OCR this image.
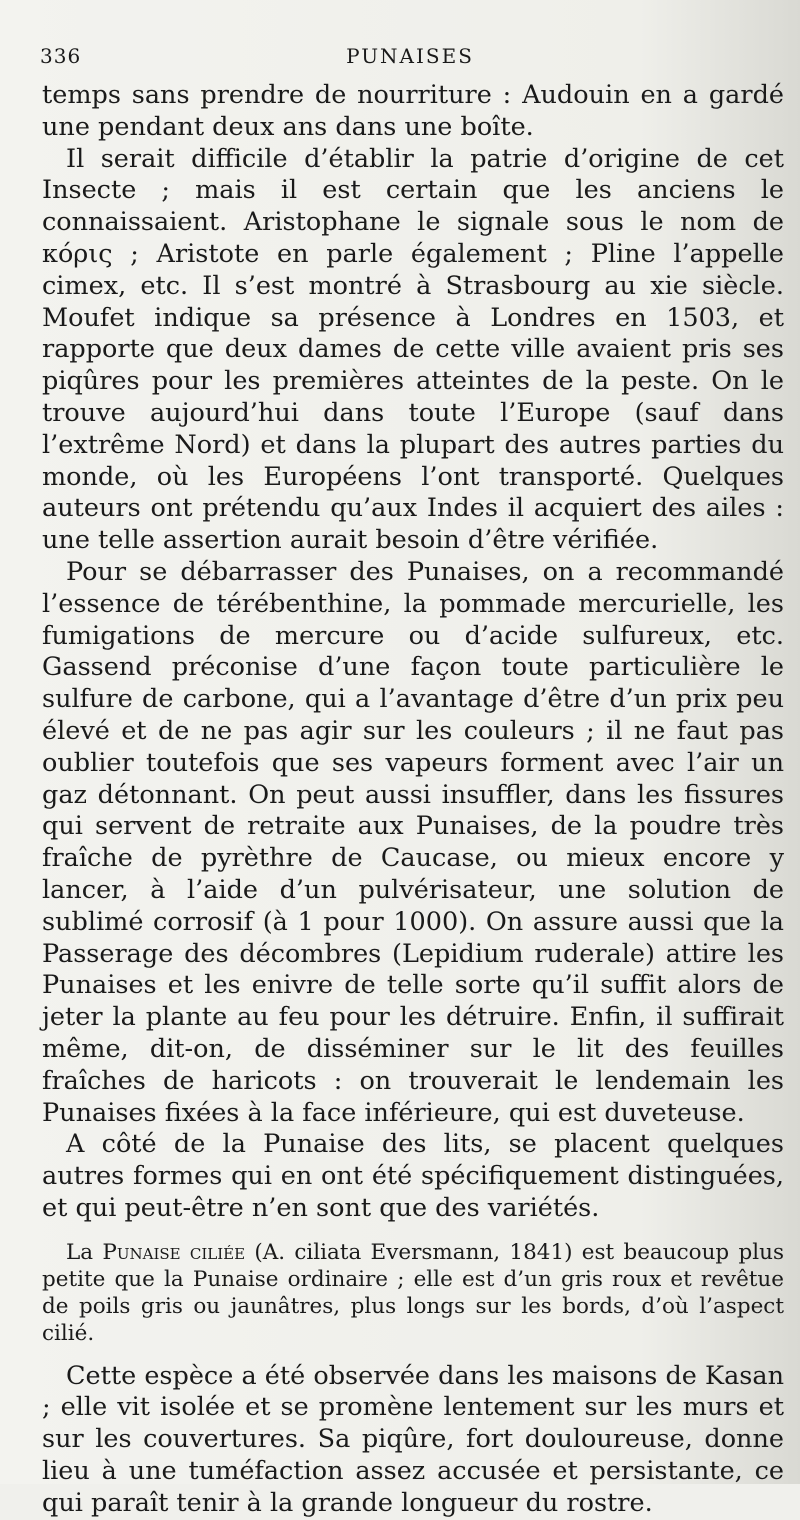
336	PUNAISES

temps sans prendre de nourriture : Audouin en a gardé une pendant deux ans dans une boîte.

Il serait difficile d’établir la patrie d’origine de cet Insecte ; mais il est certain que les anciens le connaissaient. Aristophane le signale sous le nom de κόρις ; Aristote en parle également ; Pline l’appelle cimex, etc. Il s’est montré à Strasbourg au xie siècle. Moufet indique sa présence à Londres en 1503, et rapporte que deux dames de cette ville avaient pris ses piqûres pour les premières atteintes de la peste. On le trouve aujourd’hui dans toute l’Europe (sauf dans l’extrême Nord) et dans la plupart des autres parties du monde, où les Européens l’ont transporté. Quelques auteurs ont prétendu qu’aux Indes il acquiert des ailes : une telle assertion aurait besoin d’être vérifiée.

Pour se débarrasser des Punaises, on a recommandé l’essence de térébenthine, la pommade mercurielle, les fumigations de mercure ou d’acide sulfureux, etc. Gassend préconise d’une façon toute particulière le sulfure de carbone, qui a l’avantage d’être d’un prix peu élevé et de ne pas agir sur les couleurs ; il ne faut pas oublier toutefois que ses vapeurs forment avec l’air un gaz détonnant. On peut aussi insuffler, dans les fissures qui servent de retraite aux Punaises, de la poudre très fraîche de pyrèthre de Caucase, ou mieux encore y lancer, à l’aide d’un pulvérisateur, une solution de sublimé corrosif (à 1 pour 1000). On assure aussi que la Passerage des décombres (Lepidium ruderale) attire les Punaises et les enivre de telle sorte qu’il suffit alors de jeter la plante au feu pour les détruire. Enfin, il suffirait même, dit-on, de disséminer sur le lit des feuilles fraîches de haricots : on trouverait le lendemain les Punaises fixées à la face inférieure, qui est duveteuse.

A côté de la Punaise des lits, se placent quelques autres formes qui en ont été spécifiquement distinguées, et qui peut-être n’en sont que des variétés.

La Punaise ciliée (A. ciliata Eversmann, 1841) est beaucoup plus petite que la Punaise ordinaire ; elle est d’un gris roux et revêtue de poils gris ou jaunâtres, plus longs sur les bords, d’où l’aspect cilié.

Cette espèce a été observée dans les maisons de Kasan ; elle vit isolée et se promène lentement sur les murs et sur les couvertures. Sa piqûre, fort douloureuse, donne lieu à une tuméfaction assez accusée et persistante, ce qui paraît tenir à la grande longueur du rostre.
